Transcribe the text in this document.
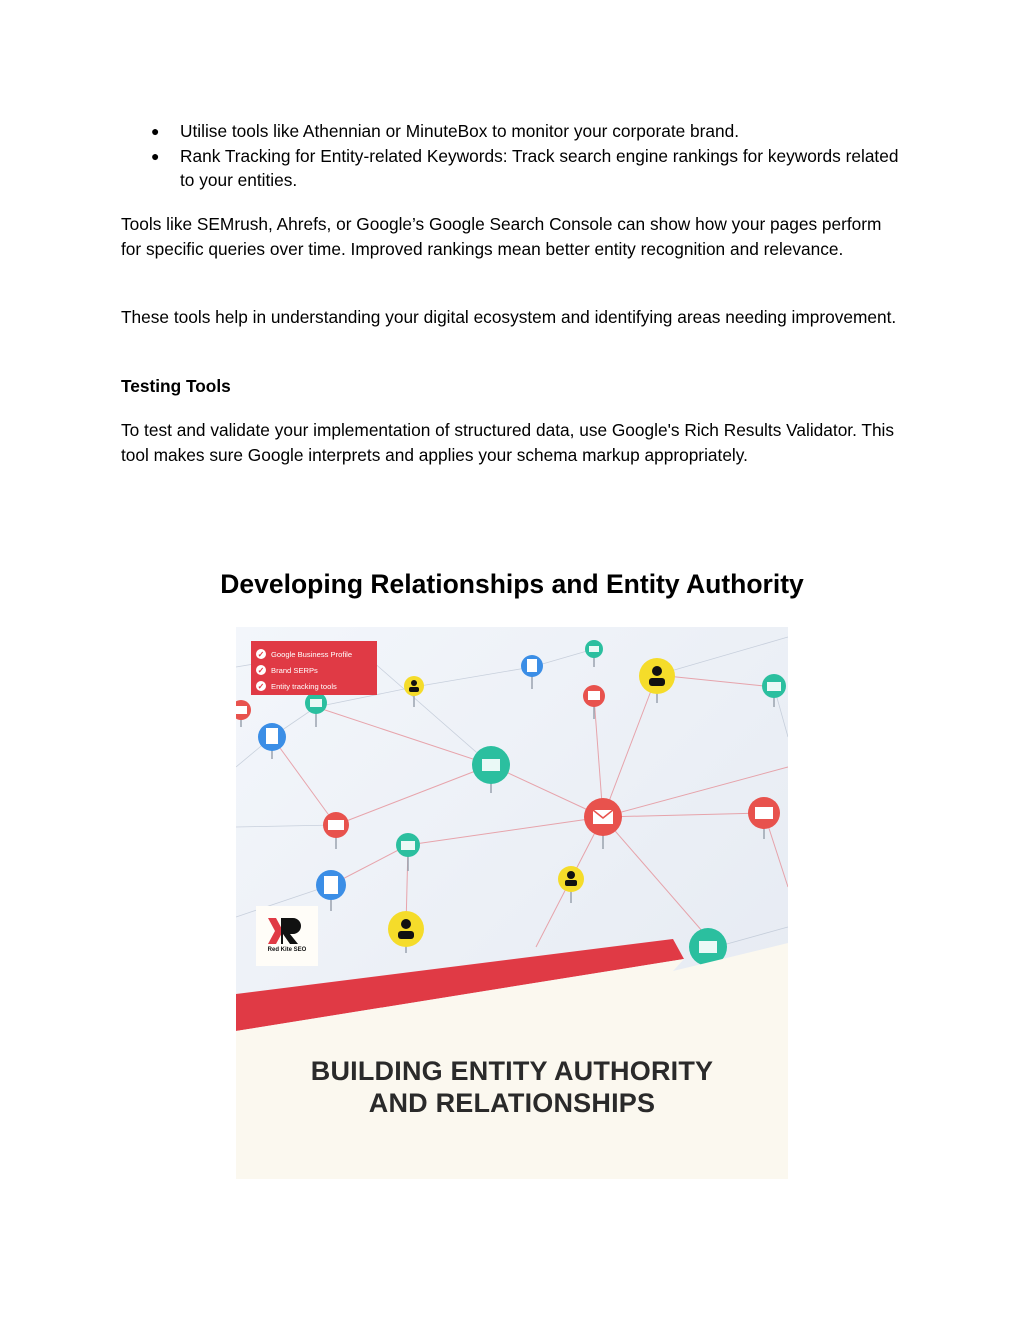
● Utilise tools like Athennian or MinuteBox to monitor your corporate brand.
● Rank Tracking for Entity-related Keywords: Track search engine rankings for keywords related to your entities.

Tools like SEMrush, Ahrefs, or Google’s Google Search Console can show how your pages perform for specific queries over time. Improved rankings mean better entity recognition and relevance.

These tools help in understanding your digital ecosystem and identifying areas needing improvement.

Testing Tools

To test and validate your implementation of structured data, use Google's Rich Results Validator. This tool makes sure Google interprets and applies your schema markup appropriately.

Developing Relationships and Entity Authority
✓ Google Business Profile
✓ Brand SERPs
✓ Entity tracking tools
Red Kite SEO
BUILDING ENTITY AUTHORITY
AND RELATIONSHIPS
